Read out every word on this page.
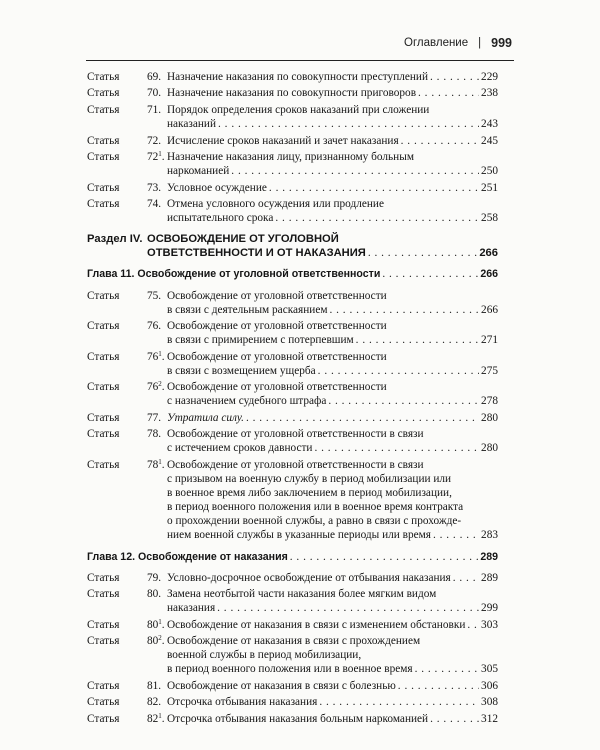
Оглавление | 999
Статья	69. Назначение наказания по совокупности преступлений . . .	229
Статья	70. Назначение наказания по совокупности приговоров . . .	238
Статья	71. Порядок определения сроков наказаний при сложении
наказаний . . .	243
Статья	72. Исчисление сроков наказаний и зачет наказания . . .	245
Статья	$72^1$. Назначение наказания лицу, признанному больным
наркоманией . . .	250
Статья	73. Условное осуждение . . .	251
Статья	74. Отмена условного осуждения или продление
испытательного срока . . .	258
Раздел IV. ОСВОБОЖДЕНИЕ ОТ УГОЛОВНОЙ
ОТВЕТСТВЕННОСТИ И ОТ НАКАЗАНИЯ . . .	266
Глава 11. Освобождение от уголовной ответственности . . .	266
Статья	75. Освобождение от уголовной ответственности
в связи с деятельным раскаянием . . .	266
Статья	76. Освобождение от уголовной ответственности
в связи с примирением с потерпевшим . . .	271
Статья	$76^1$. Освобождение от уголовной ответственности
в связи с возмещением ущерба . . .	275
Статья	$76^2$. Освобождение от уголовной ответственности
с назначением судебного штрафа . . .	278
Статья	77. Утратила силу. . . .	280
Статья	78. Освобождение от уголовной ответственности в связи
с истечением сроков давности . . .	280
Статья	$78^1$. Освобождение от уголовной ответственности в связи
с призывом на военную службу в период мобилизации или
в военное время либо заключением в период мобилизации,
в период военного положения или в военное время контракта
о прохождении военной службы, а равно в связи с прохожде-
нием военной службы в указанные периоды или время . . .	283
Глава 12. Освобождение от наказания . . .	289
Статья	79. Условно-досрочное освобождение от отбывания наказания . . .	289
Статья	80. Замена неотбытой части наказания более мягким видом
наказания . . .	299
Статья	$80^1$. Освобождение от наказания в связи с изменением обстановки . . . 303
Статья	$80^2$. Освобождение от наказания в связи с прохождением
военной службы в период мобилизации,
в период военного положения или в военное время . . .	305
Статья	81. Освобождение от наказания в связи с болезнью . . .	306
Статья	82. Отсрочка отбывания наказания . . .	308
Статья	$82^1$. Отсрочка отбывания наказания больным наркоманией . . .	312
